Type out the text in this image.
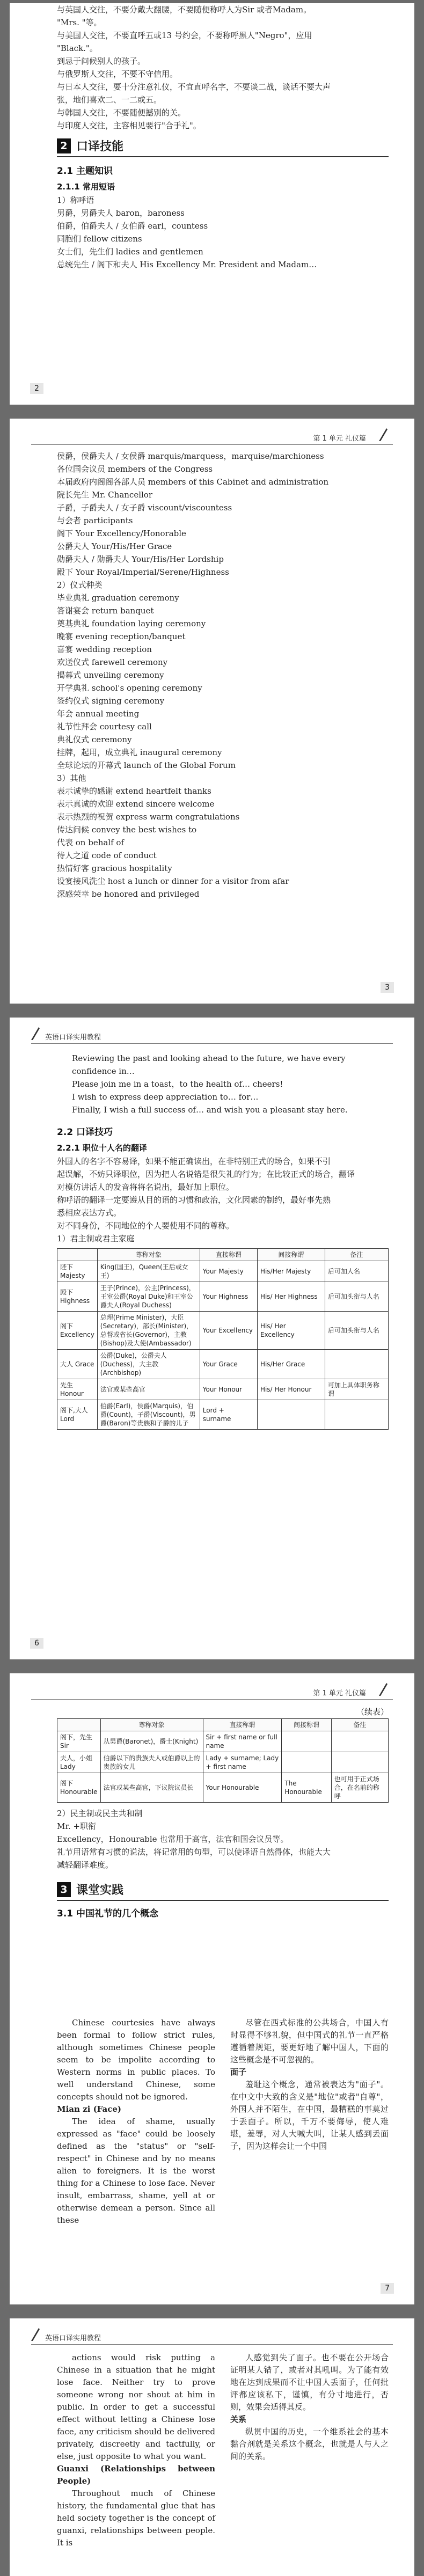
与英国人交往，不要分戴大翻腰，不要随便称呼人为Sir 或者Madam。
"Mrs. "等。
与美国人交往，不要直呼五或13 号约会，不要称呼黑人"Negro"，应用
"Black."。
到忌于问候别人的孩子。
与俄罗斯人交往，不要不守信用。
与日本人交往，要十分注意礼仪，不宜直呼名字，不要谈二战，谈话不要大声
张，地们喜欢二、一二或五。
与韩国人交往，不要随便撼别的关。
与印度人交往，主容相见要行"合手礼"。
2 口译技能
2.1 主题知识
2.1.1 常用短语
1）称呼语
男爵，男爵夫人 baron，baroness
伯爵，伯爵夫人 / 女伯爵 earl，countess
同胞们 fellow citizens
女士们，先生们 ladies and gentlemen
总统先生 / 阁下和夫人 His Excellency Mr. President and Madam…
2
第 1 单元 礼仪篇
侯爵，侯爵夫人 / 女侯爵 marquis/marquess，marquise/marchioness
各位国会议员 members of the Congress
本届政府内阁阁各部人员 members of this Cabinet and administration
院长先生 Mr. Chancellor
子爵，子爵夫人 / 女子爵 viscount/viscountess
与会者 participants
阁下 Your Excellency/Honorable
公爵夫人 Your/His/Her Grace
勋爵夫人 / 勋爵夫人 Your/His/Her Lordship
殿下 Your Royal/Imperial/Serene/Highness
2）仪式种类
毕业典礼 graduation ceremony
答谢宴会 return banquet
奠基典礼 foundation laying ceremony
晚宴 evening reception/banquet
喜宴 wedding reception
欢送仪式 farewell ceremony
揭幕式 unveiling ceremony
开学典礼 school's opening ceremony
签约仪式 signing ceremony
年会 annual meeting
礼节性拜会 courtesy call
典礼仪式 ceremony
挂牌，起用，成立典礼 inaugural ceremony
全球论坛的开幕式 launch of the Global Forum
3）其他
表示诚挚的感谢 extend heartfelt thanks
表示真诚的欢迎 extend sincere welcome
表示热烈的祝贺 express warm congratulations
传达问候 convey the best wishes to
代表 on behalf of
待人之道 code of conduct
热情好客 gracious hospitality
设宴接风洗尘 host a lunch or dinner for a visitor from afar
深感荣幸 be honored and privileged
3
英语口译实用教程
Reviewing the past and looking ahead to the future, we have every
confidence in…
Please join me in a toast，to the health of… cheers!
I wish to express deep appreciation to… for…
Finally, I wish a full success of… and wish you a pleasant stay here.
2.2 口译技巧
2.2.1 职位十人名的翻译
外国人的名字不容易译，如果不能正确读出，在非特别正式的场合，如果不引
起误解，不妨只译职位，因为把人名说错是很失礼的行为；在比较正式的场合，翻译
对模仿讲话人的发音将将名说出，最好加上职位。
称呼语的翻译一定要遵从目的语的习惯和政治，文化因素的制约，最好事先熟
悉相应表达方式。
对不同身份，不同地位的个人要使用不同的尊称。
1）君主制或君主家庭
	尊称对象	直接称谓	间接称谓	备注
陛下 Majesty	King(国王)，Queen(王后或女王)	Your Majesty	His/Her Majesty	后可加人名
殿下 Highness	王子(Prince)，公主(Princess)，王室公爵(Royal Duke)和王室公爵夫人(Royal Duchess)	Your Highness	His/ Her Highness	后可加头衔与人名
阁下 Excellency	总理(Prime Minister)，大臣(Secretary)，部长(Minister)，总督或省长(Governor)，主教(Bishop)及大使(Ambassador)	Your Excellency	His/ Her Excellency	后可加头衔与人名
大人 Grace	公爵(Duke)，公爵夫人(Duchess)，大主教(Archbishop)	Your Grace	His/Her Grace	
先生 Honour	法官或某些高官	Your Honour	His/ Her Honour	可加上具体职务称谓
阁下,大人 Lord	伯爵(Earl)，侯爵(Marquis)，伯爵(Count)，子爵(Viscount)，男爵(Baron)等贵族和子爵的儿子	Lord + surname		
6
第 1 单元 礼仪篇
（续表）
	尊称对象	直接称谓	间接称谓	备注
阁下，先生 Sir	从男爵(Baronet)，爵士(Knight)	Sir + first name or full name		
夫人，小姐 Lady	伯爵以下的贵族夫人或伯爵以上的贵族的女儿	Lady + surname; Lady + first name		
阁下 Honourable	法官或某些高官，下议院议员长	Your Honourable	The Honourable	也可用于正式场合，在名前的称呼
2）民主制或民主共和制
Mr. +职衔
Excellency，Honourable 也常用于高官，法官和国会议员等。
礼节用语常有习惯的说法，将记常用的句型，可以使译语自然得体，也能大大
减轻翻译难度。
3 课堂实践
3.1 中国礼节的几个概念
Chinese courtesies have always been formal to follow strict rules, although sometimes Chinese people seem to be impolite according to Western norms in public places. To well understand Chinese, some concepts should not be ignored.
Mian zi (Face)
The idea of shame, usually expressed as "face" could be loosely defined as the "status" or "self-respect" in Chinese and by no means alien to foreigners. It is the worst thing for a Chinese to lose face. Never insult, embarrass, shame, yell at or otherwise demean a person. Since all these
尽管在西式标准的公共场合，中国人有时显得不够礼貌，但中国式的礼节一直严格遵循着规矩，要更好地了解中国人，下面的这些概念是不可忽视的。
面子
羞耻这个概念，通常被表达为"面子"。在中文中大致的含义是"地位"或者"自尊"，外国人并不陌生，在中国，最糟糕的事莫过于丢面子。所以，千万不要侮辱，使人难堪，羞辱，对人大喊大叫，让某人感到丢面子，因为这样会让一个中国
7
英语口译实用教程
actions would risk putting a Chinese in a situation that he might lose face. Neither try to prove someone wrong nor shout at him in public. In order to get a successful effect without letting a Chinese lose face, any criticism should be delivered privately, discreetly and tactfully, or else, just opposite to what you want.
Guanxi (Relationships between People)
Throughout much of Chinese history, the fundamental glue that has held society together is the concept of guanxi, relationships between people. It is
人感觉到失了面子。也不要在公开场合证明某人错了，或者对其吼叫。为了能有效地在达到成果而不让中国人丢面子，任何批评都应该私下，谨慎，有分寸地进行，否则，效果会适得其反。
关系
纵贯中国的历史，一个维系社会的基本黏合剂就是关系这个概念，也就是人与人之间的关系。
